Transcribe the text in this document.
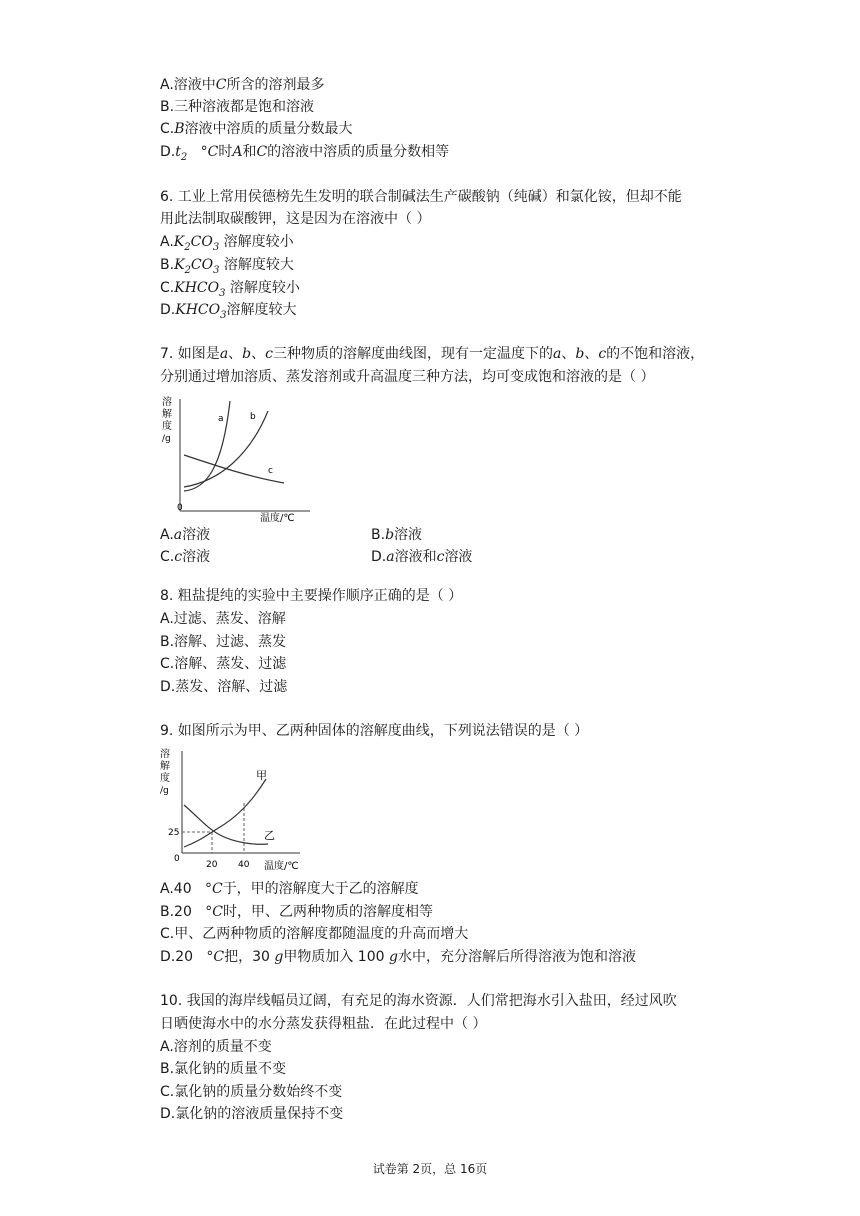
A.溶液中C所含的溶剂最多
B.三种溶液都是饱和溶液
C.B溶液中溶质的质量分数最大
$D.t_2$ °C时A和C的溶液中溶质的质量分数相等
6. 工业上常用侯德榜先生发明的联合制碱法生产碳酸钠（纯碱）和氯化铵，但却不能
用此法制取碳酸钾，这是因为在溶液中（ ）
$A.K_2CO_3$ 溶解度较小
$B.K_2CO_3$ 溶解度较大
$C.KHCO_3$ 溶解度较小
$D.KHCO_3$溶解度较大
7. 如图是a、b、c三种物质的溶解度曲线图，现有一定温度下的a、b、c的不饱和溶液，
分别通过增加溶质、蒸发溶剂或升高温度三种方法，均可变成饱和溶液的是（ ）
溶
解
度
/g
0
a	b
c
温度/℃
A.a溶液	B.b溶液
C.c溶液	D.a溶液和c溶液
8. 粗盐提纯的实验中主要操作顺序正确的是（ ）
A.过滤、蒸发、溶解
B.溶解、过滤、蒸发
C.溶解、蒸发、过滤
D.蒸发、溶解、过滤
9. 如图所示为甲、乙两种固体的溶解度曲线，下列说法错误的是（ ）
溶
解
度
/g
0
25
甲
乙
20 40 温度/℃
A.40 °C于，甲的溶解度大于乙的溶解度
B.20 °C时，甲、乙两种物质的溶解度相等
C.甲、乙两种物质的溶解度都随温度的升高而增大
D.20 °C把，30 g甲物质加入 100 g水中，充分溶解后所得溶液为饱和溶液
10. 我国的海岸线幅员辽阔，有充足的海水资源．人们常把海水引入盐田，经过风吹
日晒使海水中的水分蒸发获得粗盐．在此过程中（ ）
A.溶剂的质量不变
B.氯化钠的质量不变
C.氯化钠的质量分数始终不变
D.氯化钠的溶液质量保持不变
试卷第 2页，总 16页
